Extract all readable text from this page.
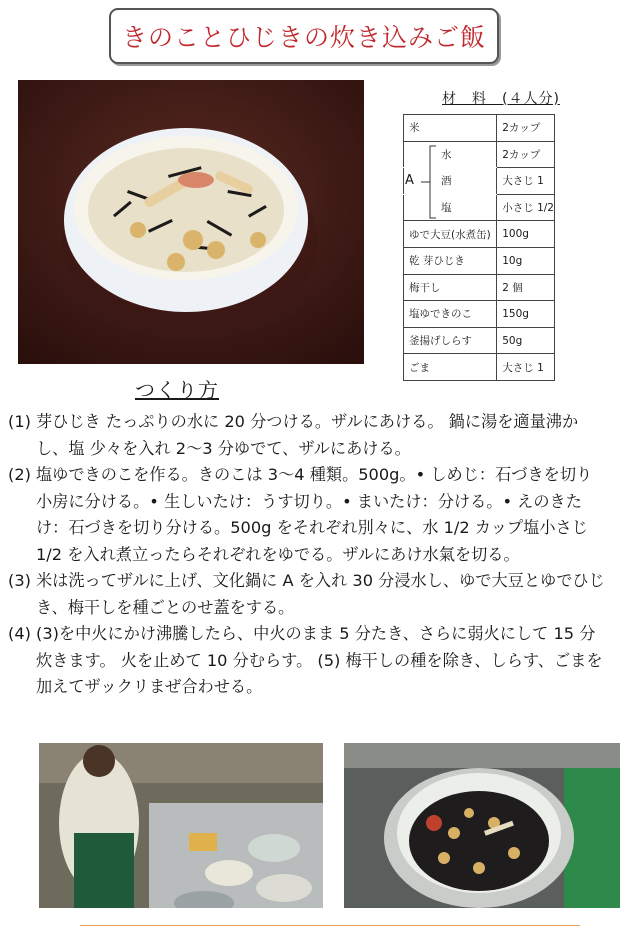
きのことひじきの炊き込みご飯
材　料　(４人分)
米	2カップ
水	2カップ
酒	大さじ 1
塩	小さじ 1/2
ゆで大豆(水煮缶)	100g
乾 芽ひじき	10g
梅干し	2 個
塩ゆできのこ	150g
釜揚げしらす	50g
ごま	大さじ 1
A
つくり方
(1) 芽ひじき たっぷりの水に 20 分つける。ザルにあける。 鍋に湯を適量沸かし、塩 少々を入れ 2～3 分ゆでて、ザルにあける。
(2) 塩ゆできのこを作る。きのこは 3～4 種類。500g。• しめじ：石づきを切り小房に分ける。• 生しいたけ：うす切り。• まいたけ：分ける。• えのきたけ：石づきを切り分ける。500g をそれぞれ別々に、水 1/2 カップ塩小さじ 1/2 を入れ煮立ったらそれぞれをゆでる。ザルにあけ水氣を切る。
(3) 米は洗ってザルに上げ、文化鍋に A を入れ 30 分浸水し、ゆで大豆とゆでひじき、梅干しを種ごとのせ蓋をする。
(4) (3)を中火にかけ沸騰したら、中火のまま 5 分たき、さらに弱火にして 15 分炊きます。 火を止めて 10 分むらす。 (5) 梅干しの種を除き、しらす、ごまを加えてザックリまぜ合わせる。
